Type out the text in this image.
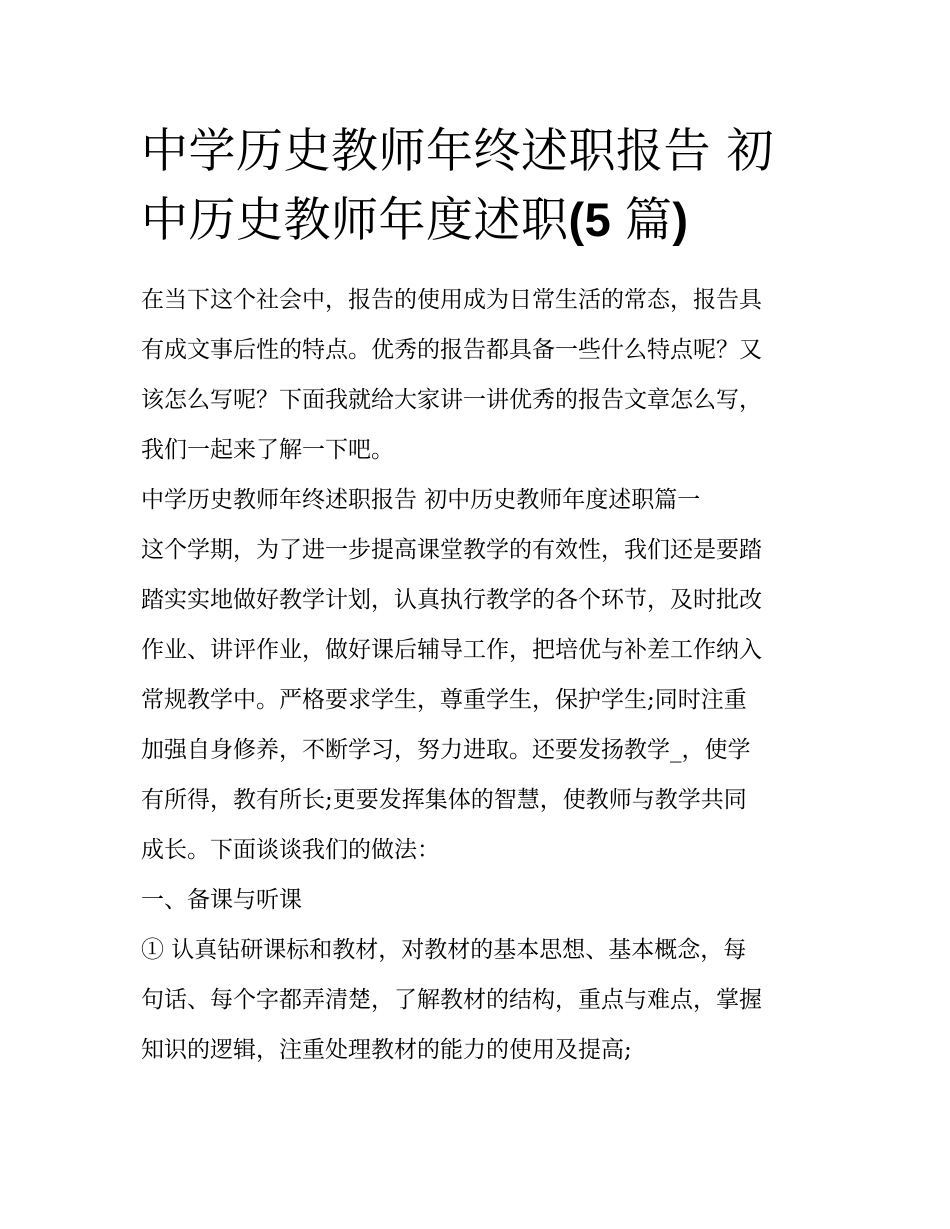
中学历史教师年终述职报告 初
中历史教师年度述职(5 篇)

在当下这个社会中，报告的使用成为日常生活的常态，报告具

有成文事后性的特点。优秀的报告都具备一些什么特点呢？又

该怎么写呢？下面我就给大家讲一讲优秀的报告文章怎么写，

我们一起来了解一下吧。

中学历史教师年终述职报告 初中历史教师年度述职篇一

这个学期，为了进一步提高课堂教学的有效性，我们还是要踏

踏实实地做好教学计划，认真执行教学的各个环节，及时批改

作业、讲评作业，做好课后辅导工作，把培优与补差工作纳入

常规教学中。严格要求学生，尊重学生，保护学生;同时注重

加强自身修养，不断学习，努力进取。还要发扬教学_，使学

有所得，教有所长;更要发挥集体的智慧，使教师与教学共同

成长。下面谈谈我们的做法：

一、备课与听课

① 认真钻研课标和教材，对教材的基本思想、基本概念，每

句话、每个字都弄清楚，了解教材的结构，重点与难点，掌握

知识的逻辑，注重处理教材的能力的使用及提高;
